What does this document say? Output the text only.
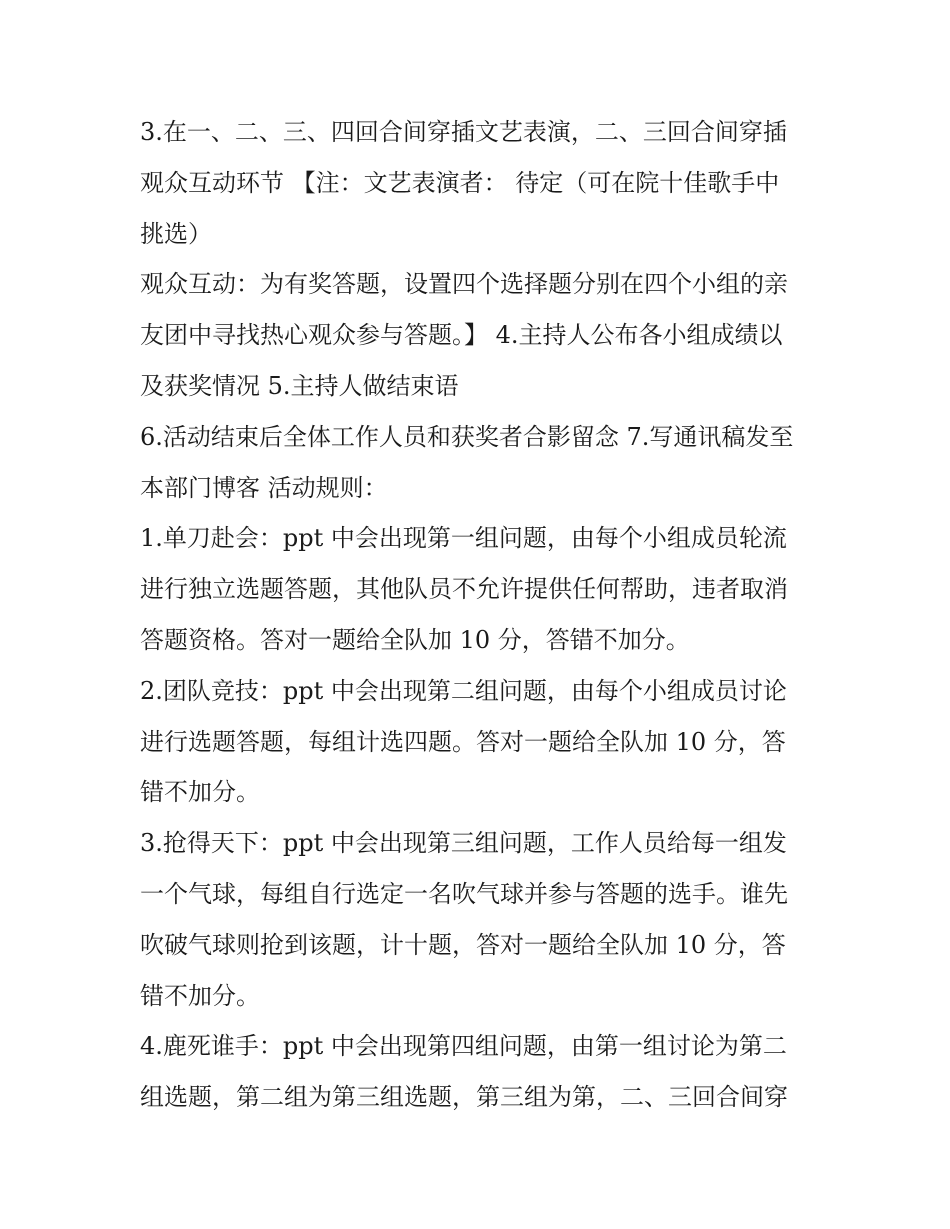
3.在一、二、三、四回合间穿插文艺表演，二、三回合间穿插
观众互动环节 【注：文艺表演者： 待定（可在院十佳歌手中
挑选）
观众互动：为有奖答题，设置四个选择题分别在四个小组的亲
友团中寻找热心观众参与答题。】 4.主持人公布各小组成绩以
及获奖情况 5.主持人做结束语
6.活动结束后全体工作人员和获奖者合影留念 7.写通讯稿发至
本部门博客 活动规则：
1.单刀赴会：ppt 中会出现第一组问题，由每个小组成员轮流
进行独立选题答题，其他队员不允许提供任何帮助，违者取消
答题资格。答对一题给全队加 10 分，答错不加分。
2.团队竞技：ppt 中会出现第二组问题，由每个小组成员讨论
进行选题答题，每组计选四题。答对一题给全队加 10 分，答
错不加分。
3.抢得天下：ppt 中会出现第三组问题，工作人员给每一组发
一个气球，每组自行选定一名吹气球并参与答题的选手。谁先
吹破气球则抢到该题，计十题，答对一题给全队加 10 分，答
错不加分。
4.鹿死谁手：ppt 中会出现第四组问题，由第一组讨论为第二
组选题，第二组为第三组选题，第三组为第，二、三回合间穿
